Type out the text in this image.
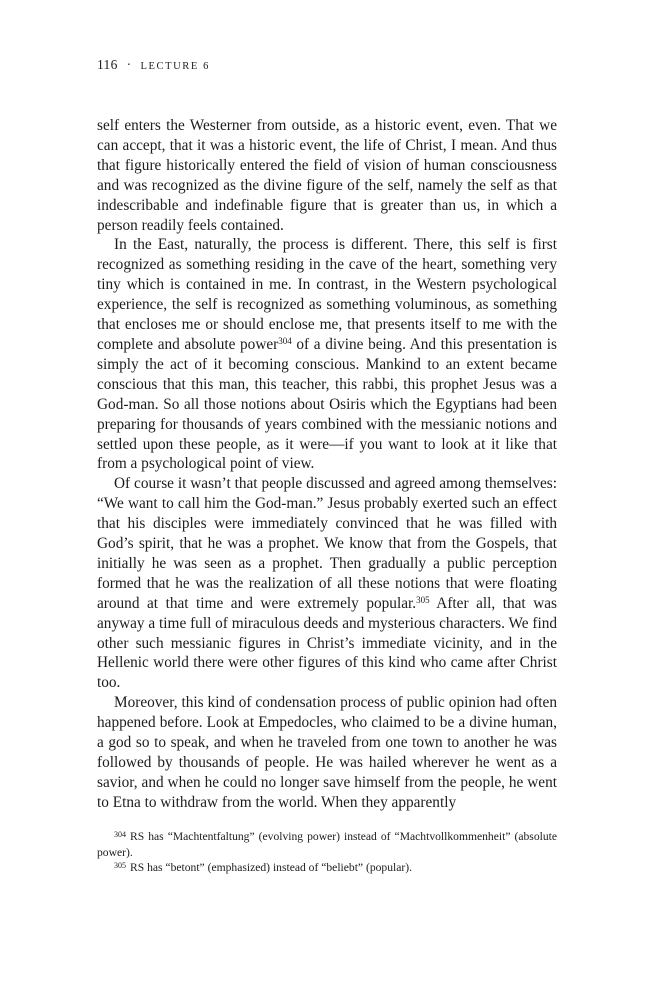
116 · LECTURE 6

self enters the Westerner from outside, as a historic event, even. That we can accept, that it was a historic event, the life of Christ, I mean. And thus that figure historically entered the field of vision of human consciousness and was recognized as the divine figure of the self, namely the self as that indescribable and indefinable figure that is greater than us, in which a person readily feels contained.

In the East, naturally, the process is different. There, this self is first recognized as something residing in the cave of the heart, something very tiny which is contained in me. In contrast, in the Western psychological experience, the self is recognized as something voluminous, as something that encloses me or should enclose me, that presents itself to me with the complete and absolute power$^{304}$ of a divine being. And this presentation is simply the act of it becoming conscious. Mankind to an extent became conscious that this man, this teacher, this rabbi, this prophet Jesus was a God-man. So all those notions about Osiris which the Egyptians had been preparing for thousands of years combined with the messianic notions and settled upon these people, as it were—if you want to look at it like that from a psychological point of view.

Of course it wasn’t that people discussed and agreed among themselves: “We want to call him the God-man.” Jesus probably exerted such an effect that his disciples were immediately convinced that he was filled with God’s spirit, that he was a prophet. We know that from the Gospels, that initially he was seen as a prophet. Then gradually a public perception formed that he was the realization of all these notions that were floating around at that time and were extremely popular.$^{305}$ After all, that was anyway a time full of miraculous deeds and mysterious characters. We find other such messianic figures in Christ’s immediate vicinity, and in the Hellenic world there were other figures of this kind who came after Christ too.

Moreover, this kind of condensation process of public opinion had often happened before. Look at Empedocles, who claimed to be a divine human, a god so to speak, and when he traveled from one town to another he was followed by thousands of people. He was hailed wherever he went as a savior, and when he could no longer save himself from the people, he went to Etna to withdraw from the world. When they apparently

$^{304}$ RS has “Machtentfaltung” (evolving power) instead of “Machtvollkommenheit” (absolute power).

$^{305}$ RS has “betont” (emphasized) instead of “beliebt” (popular).
